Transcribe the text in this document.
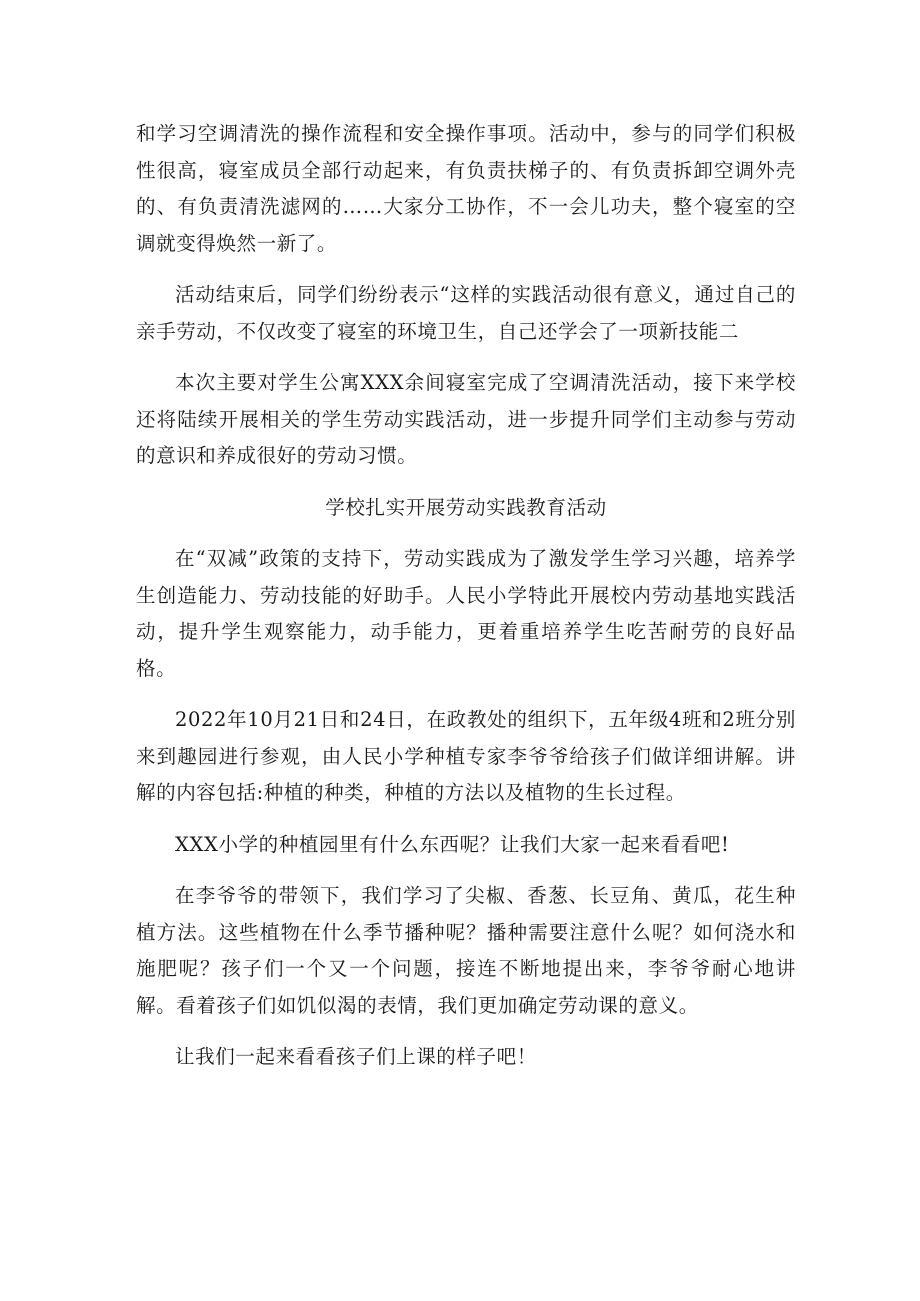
和学习空调清洗的操作流程和安全操作事项。活动中，参与的同学们积极性很高，寝室成员全部行动起来，有负责扶梯子的、有负责拆卸空调外壳的、有负责清洗滤网的……大家分工协作，不一会儿功夫，整个寝室的空调就变得焕然一新了。

活动结束后，同学们纷纷表示“这样的实践活动很有意义，通过自己的亲手劳动，不仅改变了寝室的环境卫生，自己还学会了一项新技能二

本次主要对学生公寓XXX余间寝室完成了空调清洗活动，接下来学校还将陆续开展相关的学生劳动实践活动，进一步提升同学们主动参与劳动的意识和养成很好的劳动习惯。

学校扎实开展劳动实践教育活动

在“双减”政策的支持下，劳动实践成为了激发学生学习兴趣，培养学生创造能力、劳动技能的好助手。人民小学特此开展校内劳动基地实践活动，提升学生观察能力，动手能力，更着重培养学生吃苦耐劳的良好品格。

2022年10月21日和24日，在政教处的组织下，五年级4班和2班分别来到趣园进行参观，由人民小学种植专家李爷爷给孩子们做详细讲解。讲解的内容包括:种植的种类，种植的方法以及植物的生长过程。

XXX小学的种植园里有什么东西呢？让我们大家一起来看看吧!

在李爷爷的带领下，我们学习了尖椒、香葱、长豆角、黄瓜，花生种植方法。这些植物在什么季节播种呢？播种需要注意什么呢？如何浇水和施肥呢？孩子们一个又一个问题，接连不断地提出来，李爷爷耐心地讲解。看着孩子们如饥似渴的表情，我们更加确定劳动课的意义。

让我们一起来看看孩子们上课的样子吧！
